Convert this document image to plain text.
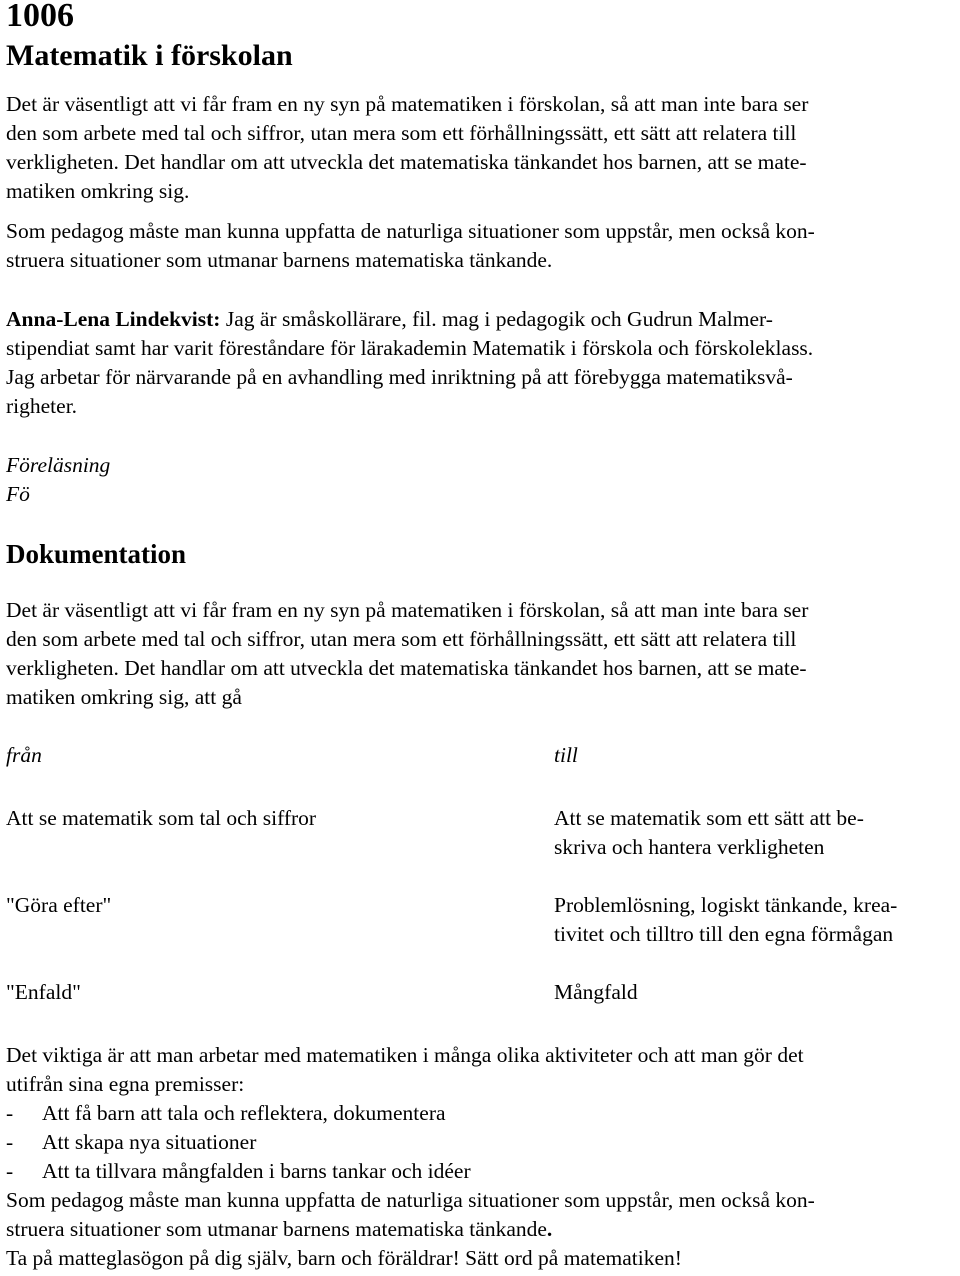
1006
Matematik i förskolan
Det är väsentligt att vi får fram en ny syn på matematiken i förskolan, så att man inte bara ser
den som arbete med tal och siffror, utan mera som ett förhållningssätt, ett sätt att relatera till
verkligheten. Det handlar om att utveckla det matematiska tänkandet hos barnen, att se mate-
matiken omkring sig.
Som pedagog måste man kunna uppfatta de naturliga situationer som uppstår, men också kon-
struera situationer som utmanar barnens matematiska tänkande.
Anna-Lena Lindekvist: Jag är småskollärare, fil. mag i pedagogik och Gudrun Malmer-
stipendiat samt har varit föreståndare för lärakademin Matematik i förskola och förskoleklass.
Jag arbetar för närvarande på en avhandling med inriktning på att förebygga matematiksvå-
righeter.
Föreläsning
Fö
Dokumentation
Det är väsentligt att vi får fram en ny syn på matematiken i förskolan, så att man inte bara ser
den som arbete med tal och siffror, utan mera som ett förhållningssätt, ett sätt att relatera till
verkligheten. Det handlar om att utveckla det matematiska tänkandet hos barnen, att se mate-
matiken omkring sig, att gå
från	till
Att se matematik som tal och siffror	Att se matematik som ett sätt att be-
skriva och hantera verkligheten
"Göra efter"	Problemlösning, logiskt tänkande, krea-
tivitet och tilltro till den egna förmågan
"Enfald"	Mångfald
Det viktiga är att man arbetar med matematiken i många olika aktiviteter och att man gör det
utifrån sina egna premisser:
-	Att få barn att tala och reflektera, dokumentera
-	Att skapa nya situationer
-	Att ta tillvara mångfalden i barns tankar och idéer
Som pedagog måste man kunna uppfatta de naturliga situationer som uppstår, men också kon-
struera situationer som utmanar barnens matematiska tänkande.
Ta på matteglasögon på dig själv, barn och föräldrar! Sätt ord på matematiken!
